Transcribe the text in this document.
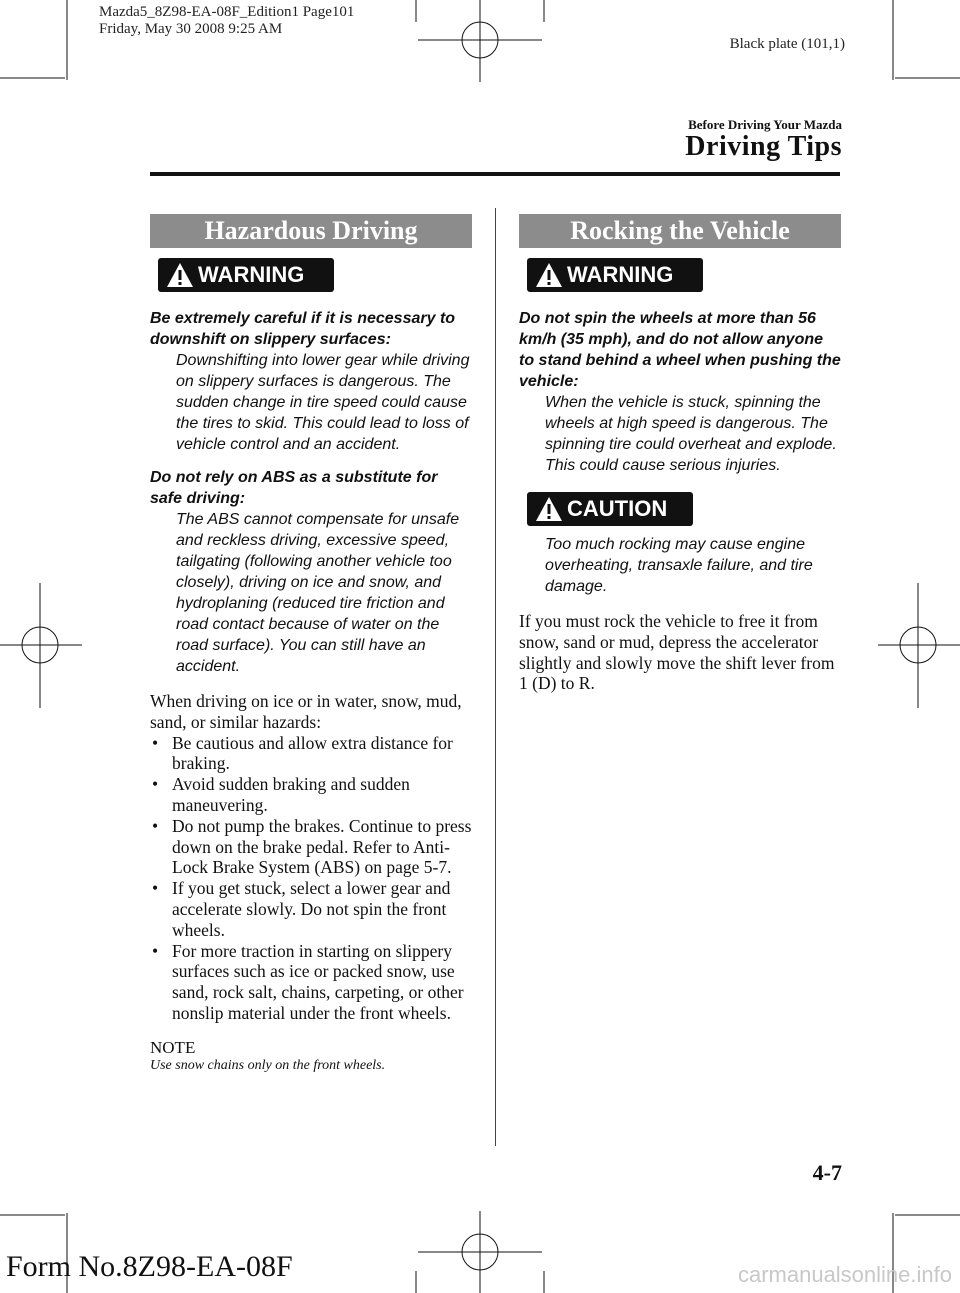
Mazda5_8Z98-EA-08F_Edition1 Page101
Friday, May 30 2008 9:25 AM
Black plate (101,1)
Before Driving Your Mazda
Driving Tips
Hazardous Driving
WARNING

Be extremely careful if it is necessary to downshift on slippery surfaces:

Downshifting into lower gear while driving on slippery surfaces is dangerous. The sudden change in tire speed could cause the tires to skid. This could lead to loss of vehicle control and an accident.

Do not rely on ABS as a substitute for safe driving:

The ABS cannot compensate for unsafe and reckless driving, excessive speed, tailgating (following another vehicle too closely), driving on ice and snow, and hydroplaning (reduced tire friction and road contact because of water on the road surface). You can still have an accident.

When driving on ice or in water, snow, mud, sand, or similar hazards:

• Be cautious and allow extra distance for braking.

• Avoid sudden braking and sudden maneuvering.

• Do not pump the brakes. Continue to press down on the brake pedal. Refer to Anti-Lock Brake System (ABS) on page 5-7.

• If you get stuck, select a lower gear and accelerate slowly. Do not spin the front wheels.

• For more traction in starting on slippery surfaces such as ice or packed snow, use sand, rock salt, chains, carpeting, or other nonslip material under the front wheels.

NOTE

Use snow chains only on the front wheels.

Rocking the Vehicle
WARNING

Do not spin the wheels at more than 56 km/h (35 mph), and do not allow anyone to stand behind a wheel when pushing the vehicle:

When the vehicle is stuck, spinning the wheels at high speed is dangerous. The spinning tire could overheat and explode. This could cause serious injuries.

CAUTION

Too much rocking may cause engine overheating, transaxle failure, and tire damage.

If you must rock the vehicle to free it from snow, sand or mud, depress the accelerator slightly and slowly move the shift lever from 1 (D) to R.

4-7
Form No.8Z98-EA-08F	carmanualsonline.info
